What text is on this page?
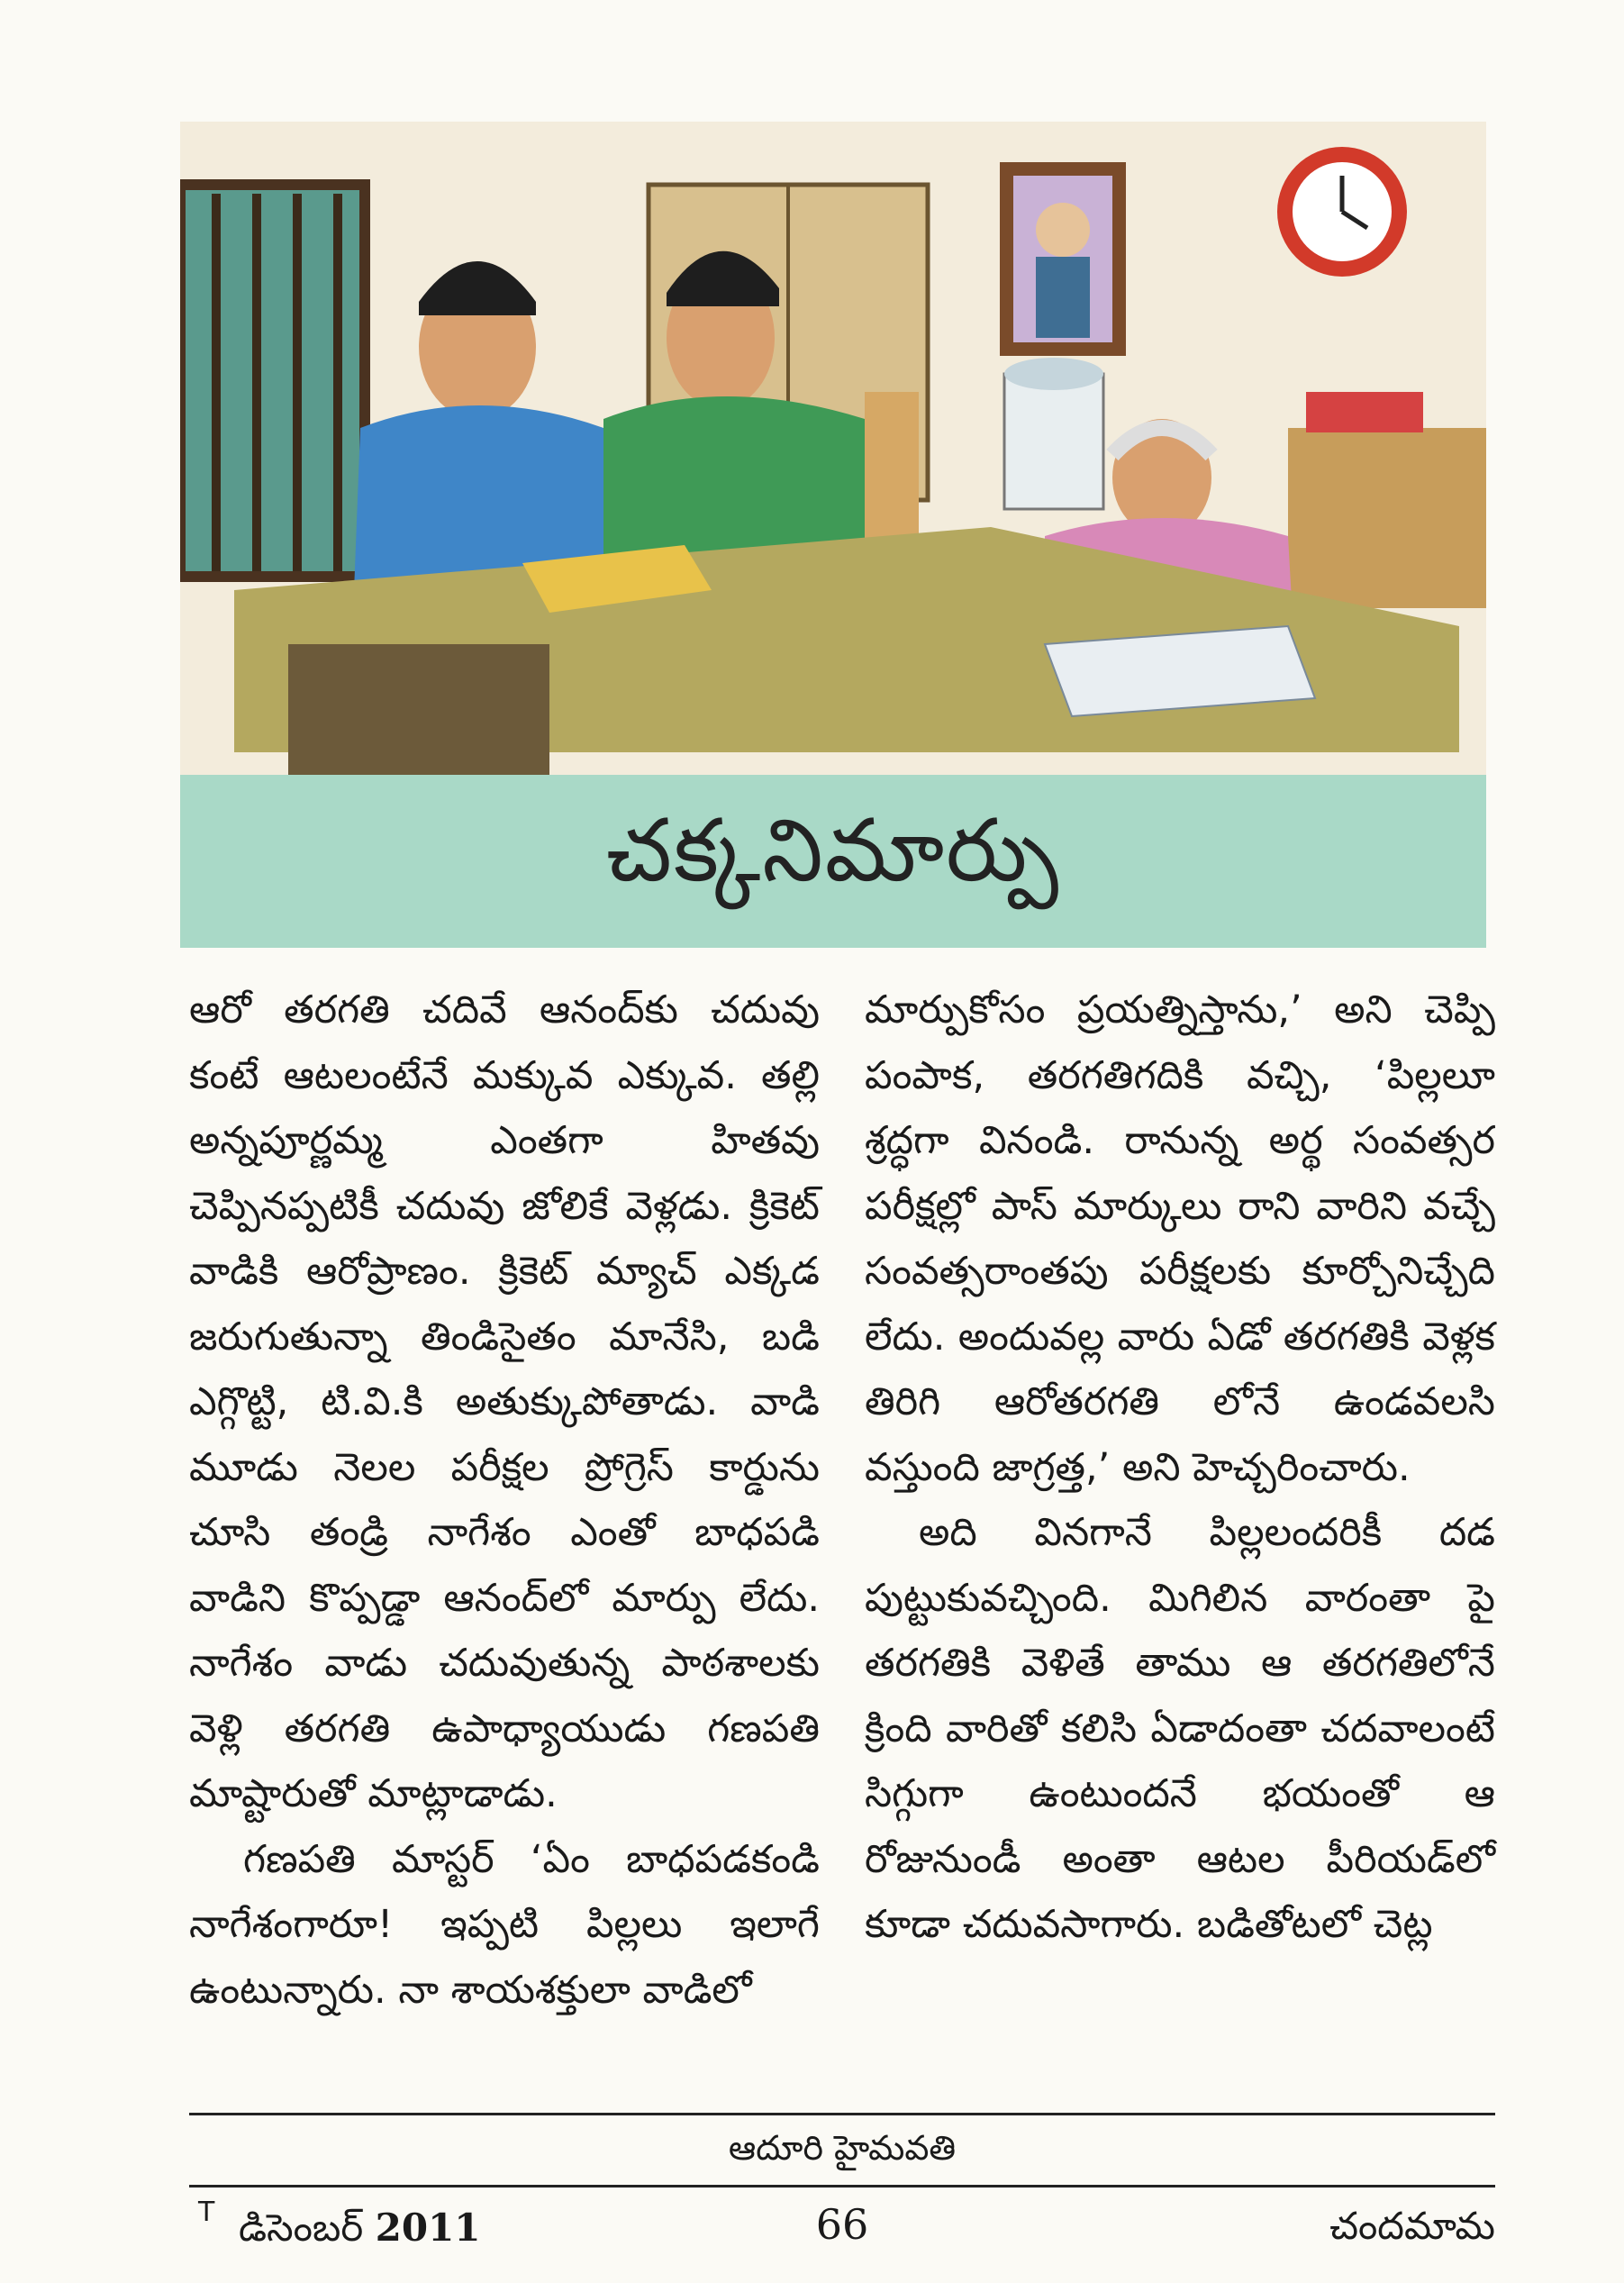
చక్కనిమార్పు

ఆరో తరగతి చదివే ఆనంద్‌కు చదువు కంటే ఆటలంటేనే మక్కువ ఎక్కువ. తల్లి అన్నపూర్ణమ్మ ఎంతగా హితవు చెప్పినప్పటికీ చదువు జోలికే వెళ్లడు. క్రికెట్ వాడికి ఆరోప్రాణం. క్రికెట్ మ్యాచ్ ఎక్కడ జరుగుతున్నా తిండిసైతం మానేసి, బడి ఎగ్గొట్టి, టి.వి.కి అతుక్కుపోతాడు. వాడి మూడు నెలల పరీక్షల ప్రోగ్రెస్ కార్డును చూసి తండ్రి నాగేశం ఎంతో బాధపడి వాడిని కొప్పడ్డా ఆనంద్‌లో మార్పు లేదు. నాగేశం వాడు చదువుతున్న పాఠశాలకు వెళ్లి తరగతి ఉపాధ్యాయుడు గణపతి మాష్టారుతో మాట్లాడాడు.

గణపతి మాస్టర్ ‘ఏం బాధపడకండి నాగేశంగారూ! ఇప్పటి పిల్లలు ఇలాగే ఉంటున్నారు. నా శాయశక్తులా వాడిలో

మార్పుకోసం ప్రయత్నిస్తాను,’ అని చెప్పి పంపాక, తరగతిగదికి వచ్చి, ‘పిల్లలూ శ్రద్ధగా వినండి. రానున్న అర్థ సంవత్సర పరీక్షల్లో పాస్ మార్కులు రాని వారిని వచ్చే సంవత్సరాంతపు పరీక్షలకు కూర్చోనిచ్చేది లేదు. అందువల్ల వారు ఏడో తరగతికి వెళ్లక తిరిగి ఆరోతరగతి లోనే ఉండవలసి వస్తుంది జాగ్రత్త,’ అని హెచ్చరించారు.

అది వినగానే పిల్లలందరికీ దడ పుట్టుకువచ్చింది. మిగిలిన వారంతా పై తరగతికి వెళితే తాము ఆ తరగతిలోనే క్రింది వారితో కలిసి ఏడాదంతా చదవాలంటే సిగ్గుగా ఉంటుందనే భయంతో ఆ రోజునుండీ అంతా ఆటల పీరియడ్‌లో కూడా చదువసాగారు. బడితోటలో చెట్ల

ఆదూరి హైమవతి
T డిసెంబర్ 2011	66	చందమామ
